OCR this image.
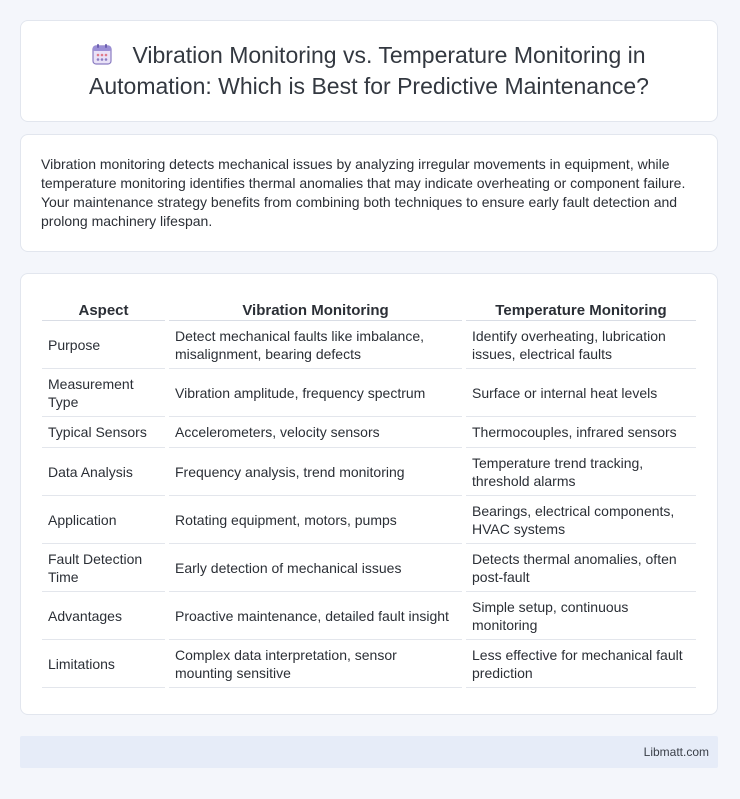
Vibration Monitoring vs. Temperature Monitoring in Automation: Which is Best for Predictive Maintenance?

Vibration monitoring detects mechanical issues by analyzing irregular movements in equipment, while temperature monitoring identifies thermal anomalies that may indicate overheating or component failure. Your maintenance strategy benefits from combining both techniques to ensure early fault detection and prolong machinery lifespan.

Aspect		Vibration Monitoring		Temperature Monitoring
Purpose		Detect mechanical faults like imbalance, misalignment, bearing defects		Identify overheating, lubrication issues, electrical faults
Measurement Type		Vibration amplitude, frequency spectrum		Surface or internal heat levels
Typical Sensors		Accelerometers, velocity sensors		Thermocouples, infrared sensors
Data Analysis		Frequency analysis, trend monitoring		Temperature trend tracking, threshold alarms
Application		Rotating equipment, motors, pumps		Bearings, electrical components, HVAC systems
Fault Detection Time		Early detection of mechanical issues		Detects thermal anomalies, often post-fault
Advantages		Proactive maintenance, detailed fault insight		Simple setup, continuous monitoring
Limitations		Complex data interpretation, sensor mounting sensitive		Less effective for mechanical fault prediction
Libmatt.com
